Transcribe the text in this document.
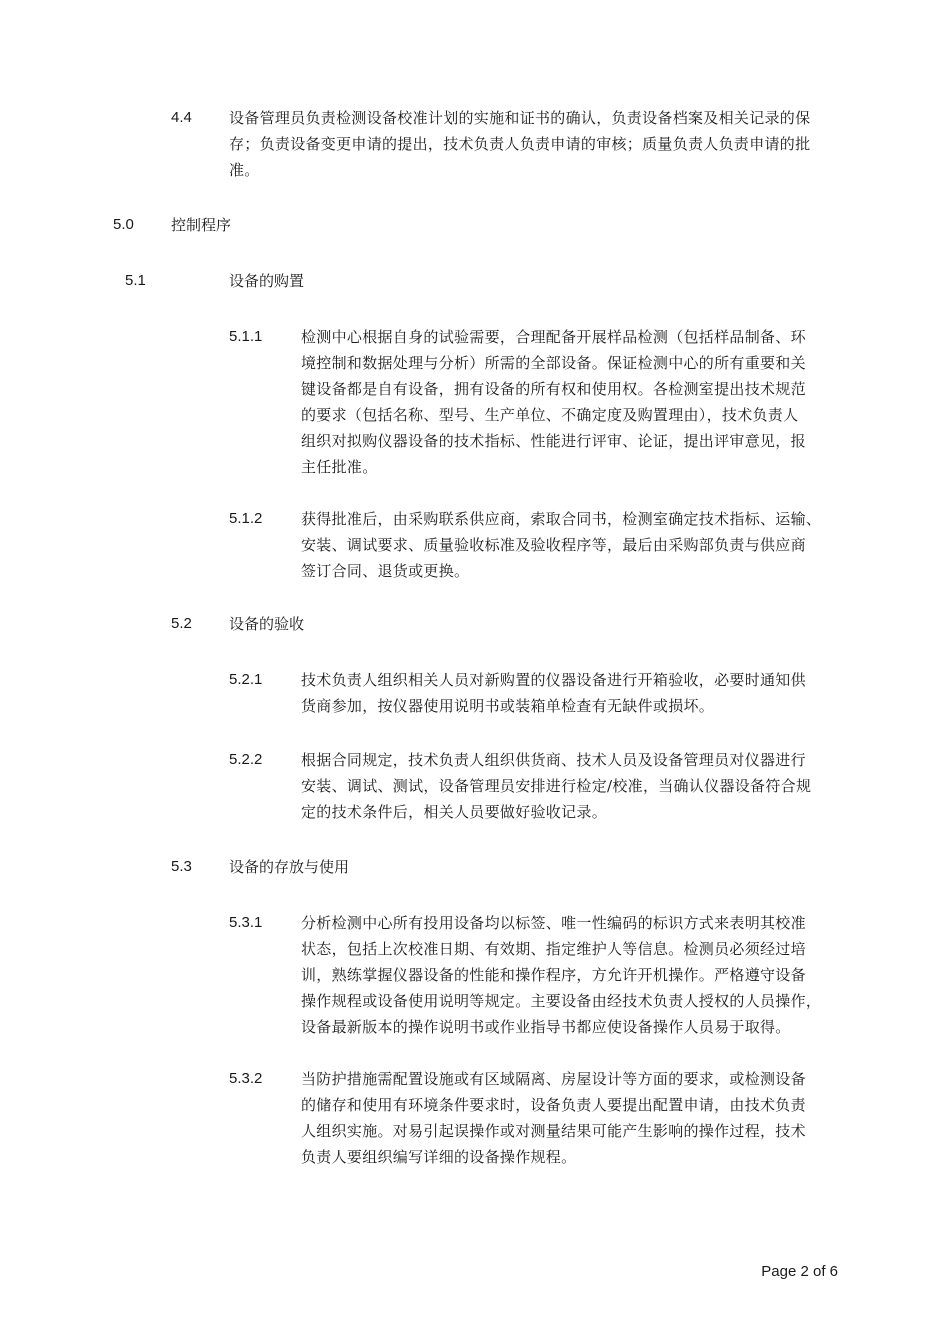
4.4 设备管理员负责检测设备校准计划的实施和证书的确认，负责设备档案及相关记录的保
存；负责设备变更申请的提出，技术负责人负责申请的审核；质量负责人负责申请的批
准。
5.0 控制程序
5.1	设备的购置
5.1.1	检测中心根据自身的试验需要，合理配备开展样品检测（包括样品制备、环
境控制和数据处理与分析）所需的全部设备。保证检测中心的所有重要和关
键设备都是自有设备，拥有设备的所有权和使用权。各检测室提出技术规范
的要求（包括名称、型号、生产单位、不确定度及购置理由），技术负责人
组织对拟购仪器设备的技术指标、性能进行评审、论证，提出评审意见，报
主任批准。
5.1.2	获得批准后，由采购联系供应商，索取合同书，检测室确定技术指标、运输、
安装、调试要求、质量验收标准及验收程序等，最后由采购部负责与供应商
签订合同、退货或更换。
5.2 设备的验收
5.2.1	技术负责人组织相关人员对新购置的仪器设备进行开箱验收，必要时通知供
货商参加，按仪器使用说明书或装箱单检查有无缺件或损坏。
5.2.2	根据合同规定，技术负责人组织供货商、技术人员及设备管理员对仪器进行
安装、调试、测试，设备管理员安排进行检定/校准，当确认仪器设备符合规
定的技术条件后，相关人员要做好验收记录。
5.3 设备的存放与使用
5.3.1	分析检测中心所有投用设备均以标签、唯一性编码的标识方式来表明其校准
状态，包括上次校准日期、有效期、指定维护人等信息。检测员必须经过培
训，熟练掌握仪器设备的性能和操作程序，方允许开机操作。严格遵守设备
操作规程或设备使用说明等规定。主要设备由经技术负责人授权的人员操作，
设备最新版本的操作说明书或作业指导书都应使设备操作人员易于取得。
5.3.2	当防护措施需配置设施或有区域隔离、房屋设计等方面的要求，或检测设备
的储存和使用有环境条件要求时，设备负责人要提出配置申请，由技术负责
人组织实施。对易引起误操作或对测量结果可能产生影响的操作过程，技术
负责人要组织编写详细的设备操作规程。
Page 2 of 6
